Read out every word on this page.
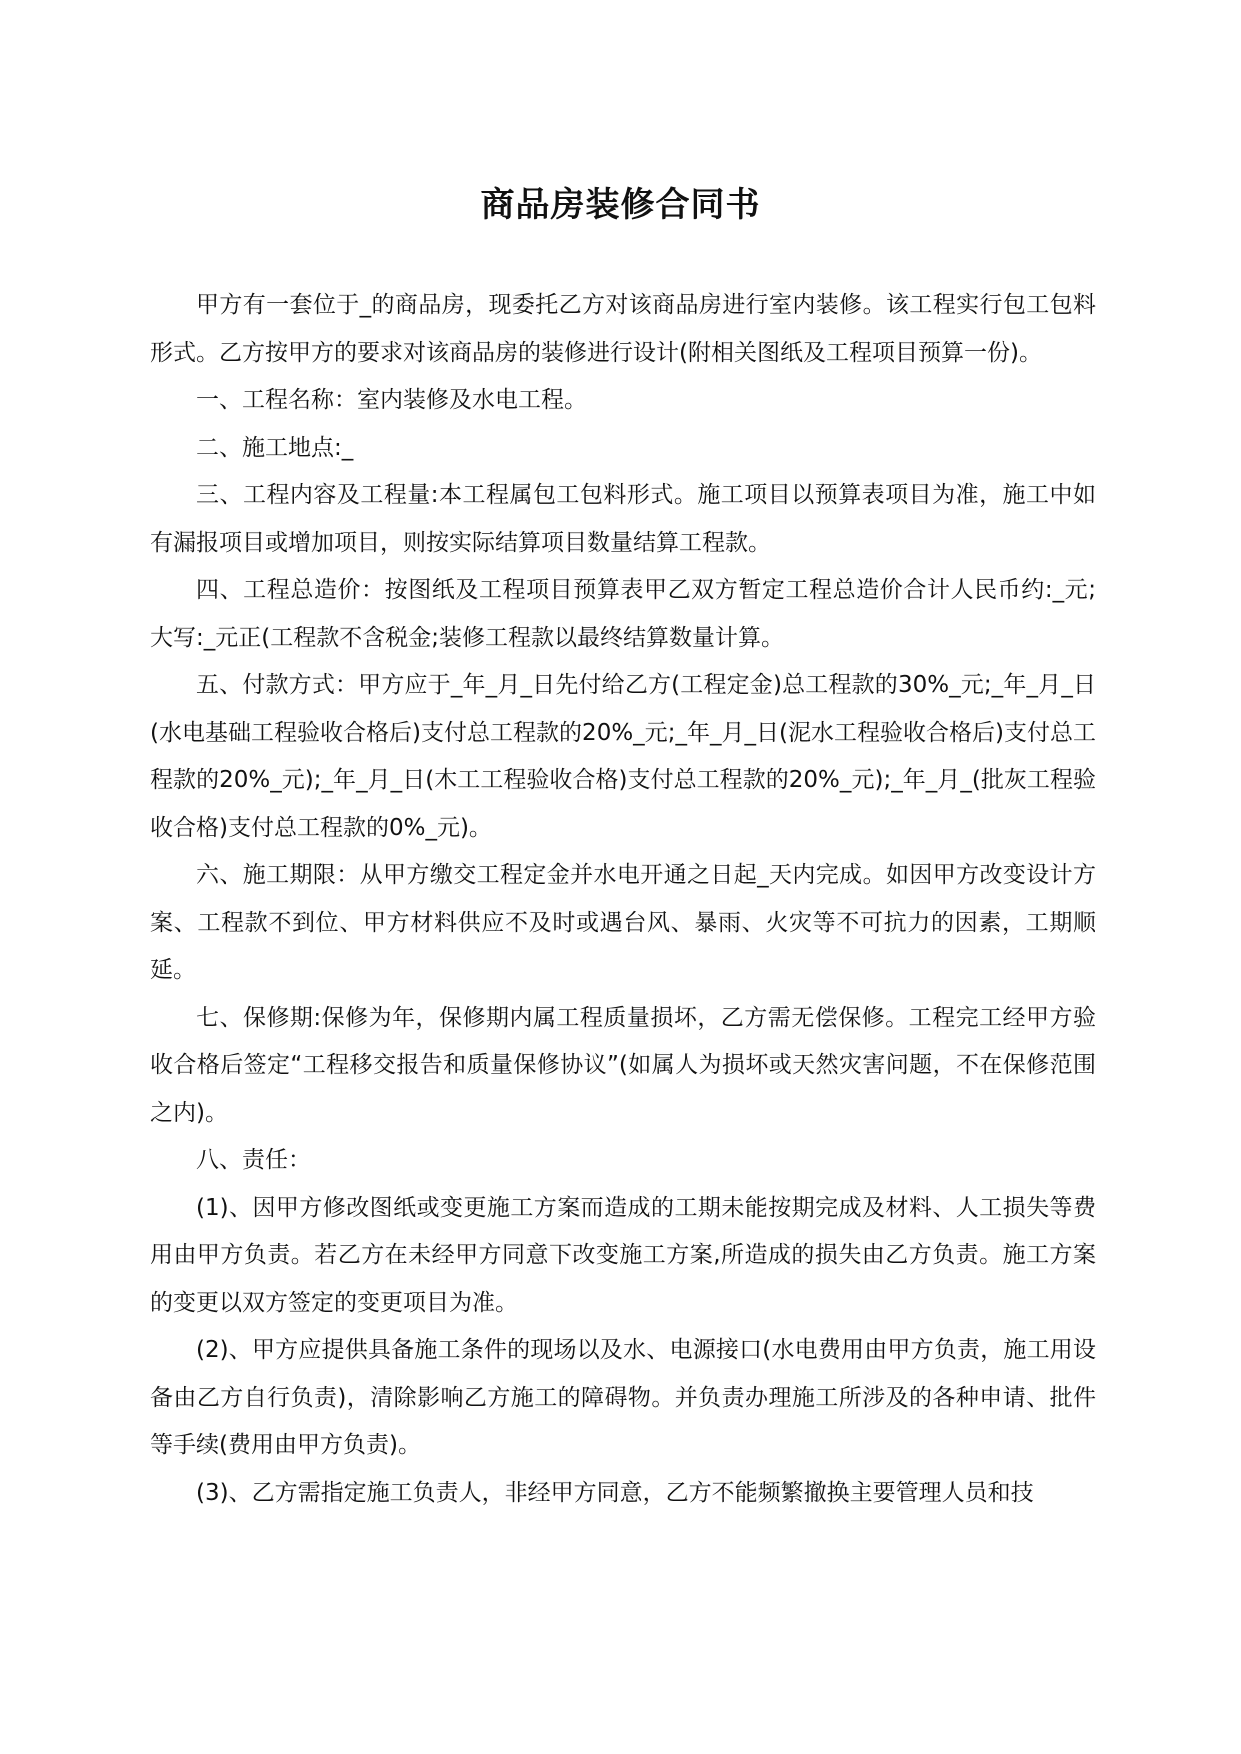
商品房装修合同书

甲方有一套位于_的商品房，现委托乙方对该商品房进行室内装修。该工程实行包工包料形式。乙方按甲方的要求对该商品房的装修进行设计(附相关图纸及工程项目预算一份)。

一、工程名称：室内装修及水电工程。

二、施工地点:_

三、工程内容及工程量:本工程属包工包料形式。施工项目以预算表项目为准，施工中如有漏报项目或增加项目，则按实际结算项目数量结算工程款。

四、工程总造价：按图纸及工程项目预算表甲乙双方暂定工程总造价合计人民币约:_元;大写:_元正(工程款不含税金;装修工程款以最终结算数量计算。

五、付款方式：甲方应于_年_月_日先付给乙方(工程定金)总工程款的30%_元;_年_月_日(水电基础工程验收合格后)支付总工程款的20%_元;_年_月_日(泥水工程验收合格后)支付总工程款的20%_元);_年_月_日(木工工程验收合格)支付总工程款的20%_元);_年_月_(批灰工程验收合格)支付总工程款的0%_元)。

六、施工期限：从甲方缴交工程定金并水电开通之日起_天内完成。如因甲方改变设计方案、工程款不到位、甲方材料供应不及时或遇台风、暴雨、火灾等不可抗力的因素，工期顺延。

七、保修期:保修为年，保修期内属工程质量损坏，乙方需无偿保修。工程完工经甲方验收合格后签定“工程移交报告和质量保修协议”(如属人为损坏或天然灾害问题，不在保修范围之内)。

八、责任：

(1)、因甲方修改图纸或变更施工方案而造成的工期未能按期完成及材料、人工损失等费用由甲方负责。若乙方在未经甲方同意下改变施工方案,所造成的损失由乙方负责。施工方案的变更以双方签定的变更项目为准。

(2)、甲方应提供具备施工条件的现场以及水、电源接口(水电费用由甲方负责，施工用设备由乙方自行负责)，清除影响乙方施工的障碍物。并负责办理施工所涉及的各种申请、批件等手续(费用由甲方负责)。

(3)、乙方需指定施工负责人，非经甲方同意，乙方不能频繁撤换主要管理人员和技
